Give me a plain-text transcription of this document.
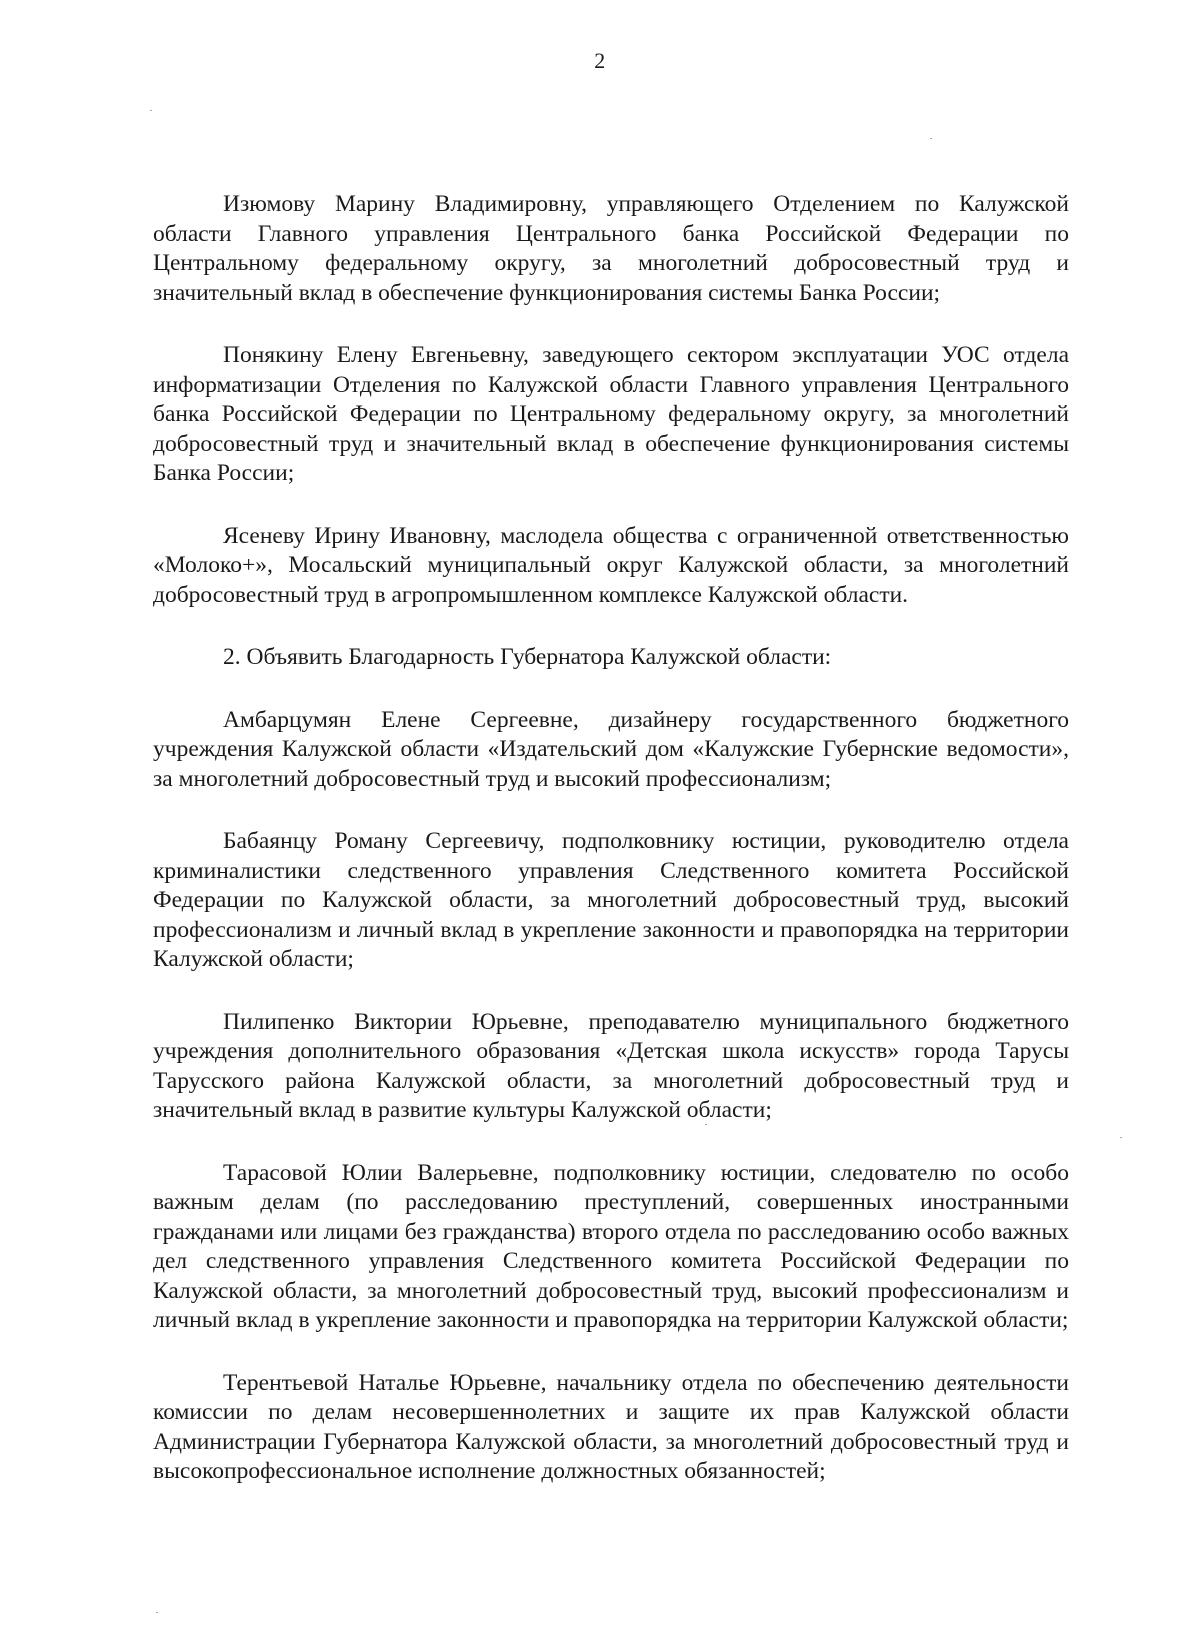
2

Изюмову Марину Владимировну, управляющего Отделением по Калужской области Главного управления Центрального банка Российской Федерации по Центральному федеральному округу, за многолетний добросовестный труд и значительный вклад в обеспечение функционирования системы Банка России;

Понякину Елену Евгеньевну, заведующего сектором эксплуатации УОС отдела информатизации Отделения по Калужской области Главного управления Центрального банка Российской Федерации по Центральному федеральному округу, за многолетний добросовестный труд и значительный вклад в обеспечение функционирования системы Банка России;

Ясеневу Ирину Ивановну, маслодела общества с ограниченной ответственностью «Молоко+», Мосальский муниципальный округ Калужской области, за многолетний добросовестный труд в агропромышленном комплексе Калужской области.

2. Объявить Благодарность Губернатора Калужской области:

Амбарцумян Елене Сергеевне, дизайнеру государственного бюджетного учреждения Калужской области «Издательский дом «Калужские Губернские ведомости», за многолетний добросовестный труд и высокий профессионализм;

Бабаянцу Роману Сергеевичу, подполковнику юстиции, руководителю отдела криминалистики следственного управления Следственного комитета Российской Федерации по Калужской области, за многолетний добросовестный труд, высокий профессионализм и личный вклад в укрепление законности и правопорядка на территории Калужской области;

Пилипенко Виктории Юрьевне, преподавателю муниципального бюджетного учреждения дополнительного образования «Детская школа искусств» города Тарусы Тарусского района Калужской области, за многолетний добросовестный труд и значительный вклад в развитие культуры Калужской области;

Тарасовой Юлии Валерьевне, подполковнику юстиции, следователю по особо важным делам (по расследованию преступлений, совершенных иностранными гражданами или лицами без гражданства) второго отдела по расследованию особо важных дел следственного управления Следственного комитета Российской Федерации по Калужской области, за многолетний добросовестный труд, высокий профессионализм и личный вклад в укрепление законности и правопорядка на территории Калужской области;

Терентьевой Наталье Юрьевне, начальнику отдела по обеспечению деятельности комиссии по делам несовершеннолетних и защите их прав Калужской области Администрации Губернатора Калужской области, за многолетний добросовестный труд и высокопрофессиональное исполнение должностных обязанностей;
